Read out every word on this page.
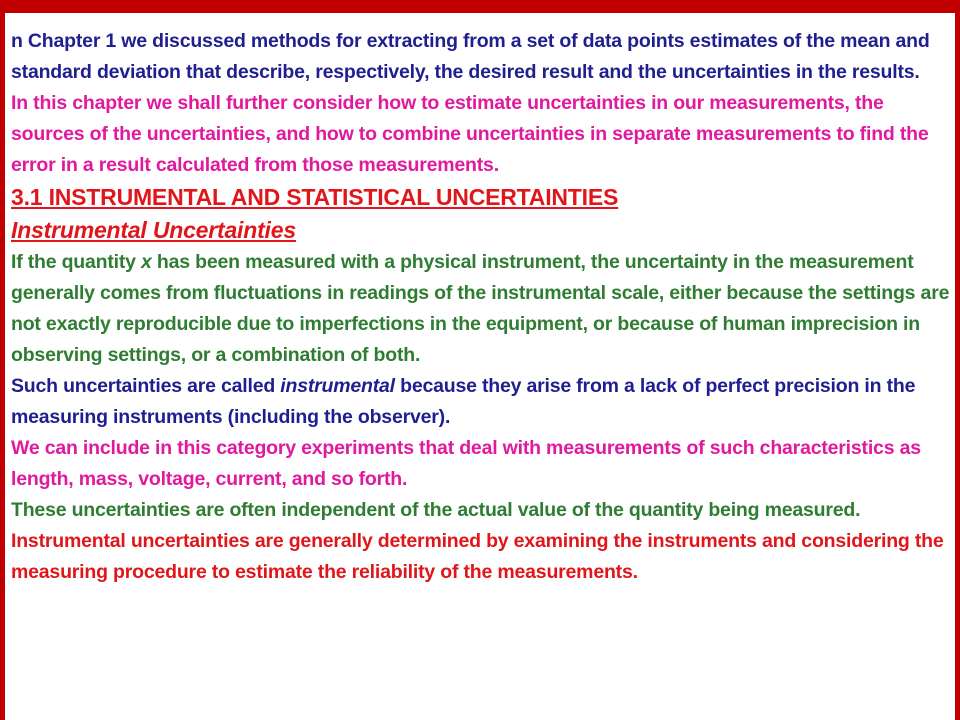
n Chapter 1 we discussed methods for extracting from a set of data points estimates of the mean and standard deviation that describe, respectively, the desired result and the uncertainties in the results.

In this chapter we shall further consider how to estimate uncertainties in our measurements, the sources of the uncertainties, and how to combine uncertainties in separate measurements to find the error in a result calculated from those measurements.

3.1 INSTRUMENTAL AND STATISTICAL UNCERTAINTIES

Instrumental Uncertainties

If the quantity x has been measured with a physical instrument, the uncertainty in the measurement generally comes from fluctuations in readings of the instrumental scale, either because the settings are not exactly reproducible due to imperfections in the equipment, or because of human imprecision in observing settings, or a combination of both.

Such uncertainties are called instrumental because they arise from a lack of perfect precision in the measuring instruments (including the observer).

We can include in this category experiments that deal with measurements of such characteristics as length, mass, voltage, current, and so forth.

These uncertainties are often independent of the actual value of the quantity being measured.

Instrumental uncertainties are generally determined by examining the instruments and considering the measuring procedure to estimate the reliability of the measurements.
